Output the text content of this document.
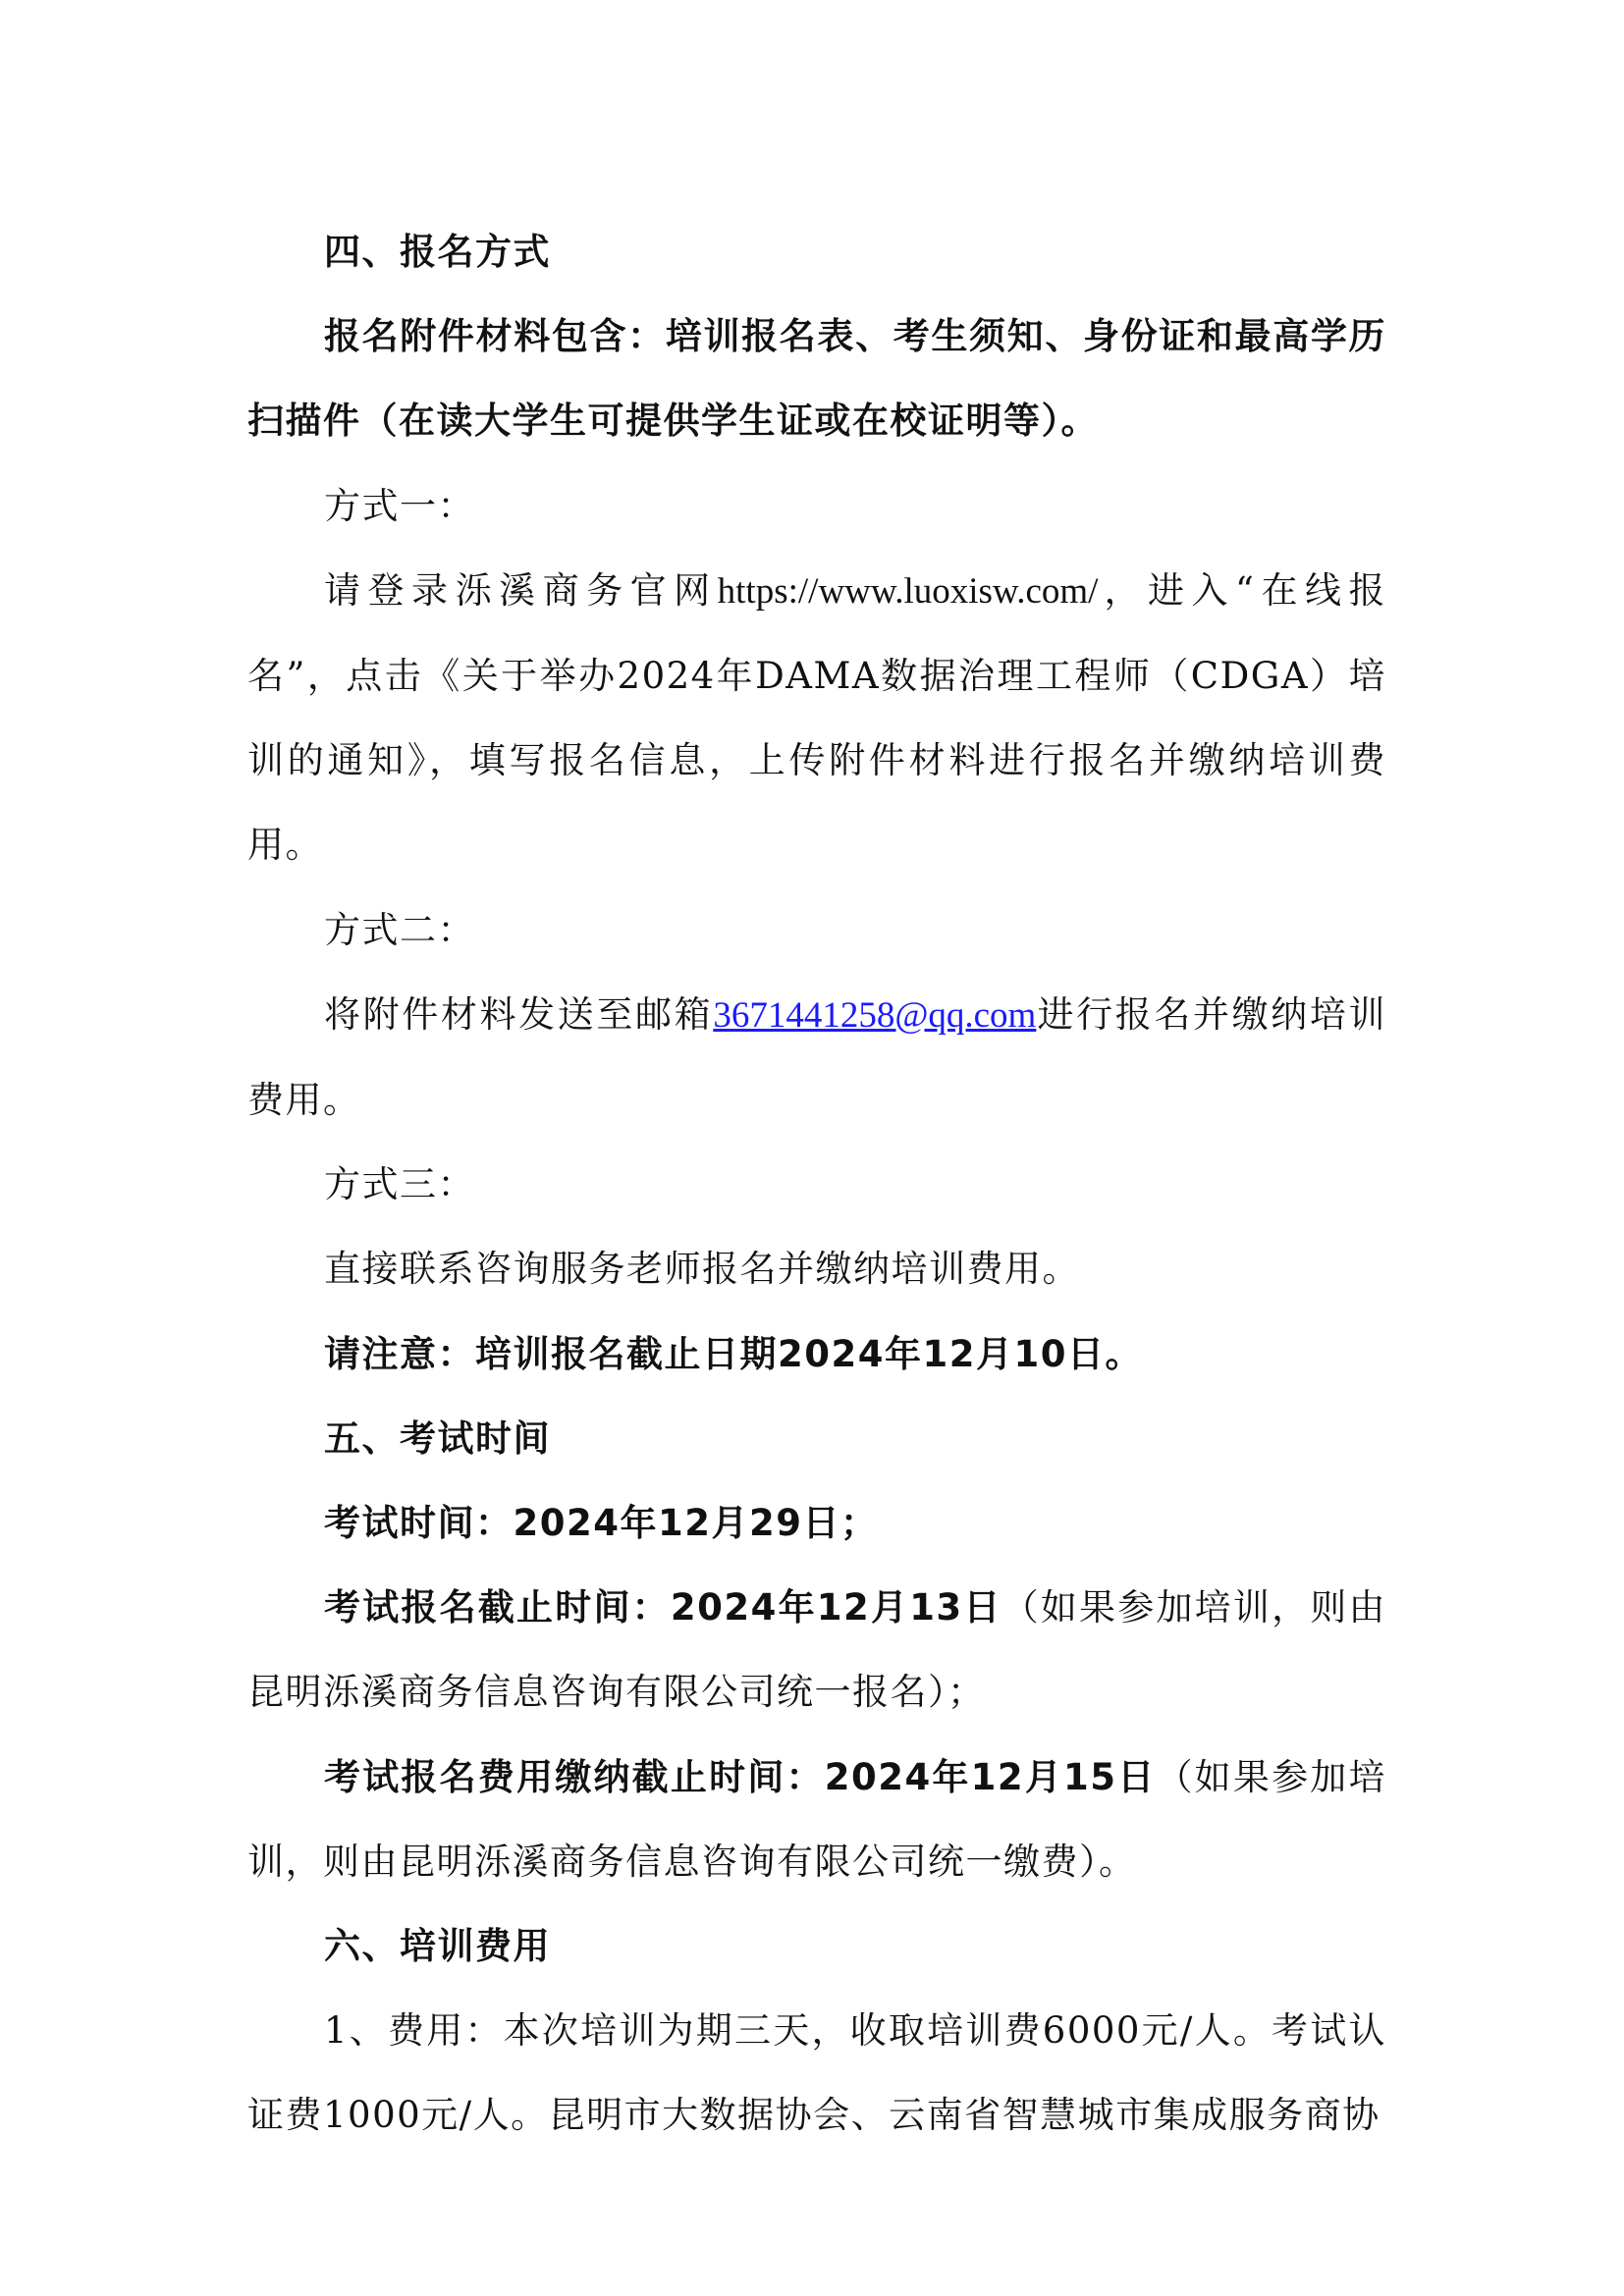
四、报名方式

报名附件材料包含：培训报名表、考生须知、身份证和最高学历扫描件（在读大学生可提供学生证或在校证明等）。

方式一：

请登录泺溪商务官网https://www.luoxisw.com/，进入“在线报名”，点击《关于举办2024年DAMA数据治理工程师（CDGA）培训的通知》，填写报名信息，上传附件材料进行报名并缴纳培训费用。

方式二：

将附件材料发送至邮箱3671441258@qq.com进行报名并缴纳培训费用。

方式三：

直接联系咨询服务老师报名并缴纳培训费用。

请注意：培训报名截止日期2024年12月10日。

五、考试时间

考试时间：2024年12月29日；

考试报名截止时间：2024年12月13日（如果参加培训，则由昆明泺溪商务信息咨询有限公司统一报名）；

考试报名费用缴纳截止时间：2024年12月15日（如果参加培训，则由昆明泺溪商务信息咨询有限公司统一缴费）。

六、培训费用

1、费用：本次培训为期三天，收取培训费6000元/人。考试认证费1000元/人。昆明市大数据协会、云南省智慧城市集成服务商协
